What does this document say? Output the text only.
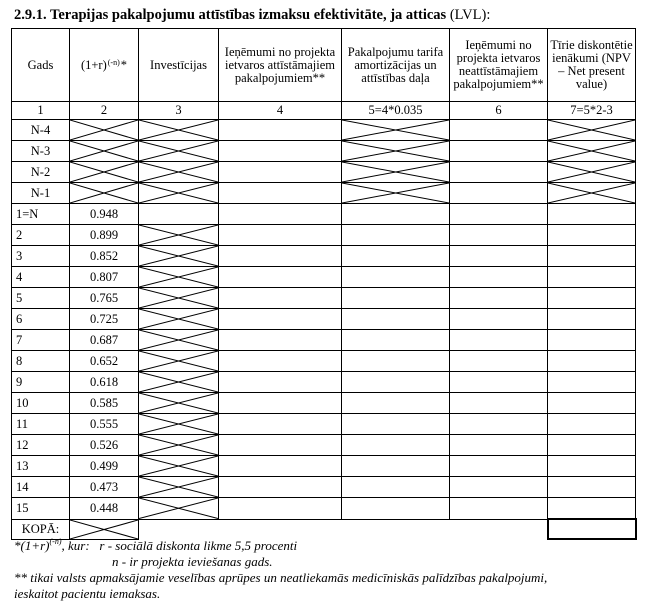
2.9.1. Terapijas pakalpojumu attīstības izmaksu efektivitāte, ja atticas (LVL):
Gads	$(1+r)^{(-n)}*$	Investīcijas	Ieņēmumi no projekta ietvaros attīstāmajiem pakalpojumiem**	Pakalpojumu tarifa amortizācijas un attīstības daļa	Ieņēmumi no projekta ietvaros neattīstāmajiem pakalpojumiem**	Tīrie diskontētie ienākumi (NPV – Net present value)

1	2	3	4	5=4*0.035	6	7=5*2-3
N-4	

N-3	

N-2	

N-1	

1=N	0.948					
2	0.899	

3	0.852	

4	0.807	

5	0.765	

6	0.725	

7	0.687	

8	0.652	

9	0.618	

10	0.585	

11	0.555	

12	0.526	

13	0.499	

14	0.473	

15	0.448	

KOPĀ:	

$*(1+r)^{(-n)}$, kur:   r - sociālā diskonta likme 5,5 procenti
n - ir projekta ieviešanas gads.
** tikai valsts apmaksājamie veselības aprūpes un neatliekamās medicīniskās palīdzības pakalpojumi,
ieskaitot pacientu iemaksas.
